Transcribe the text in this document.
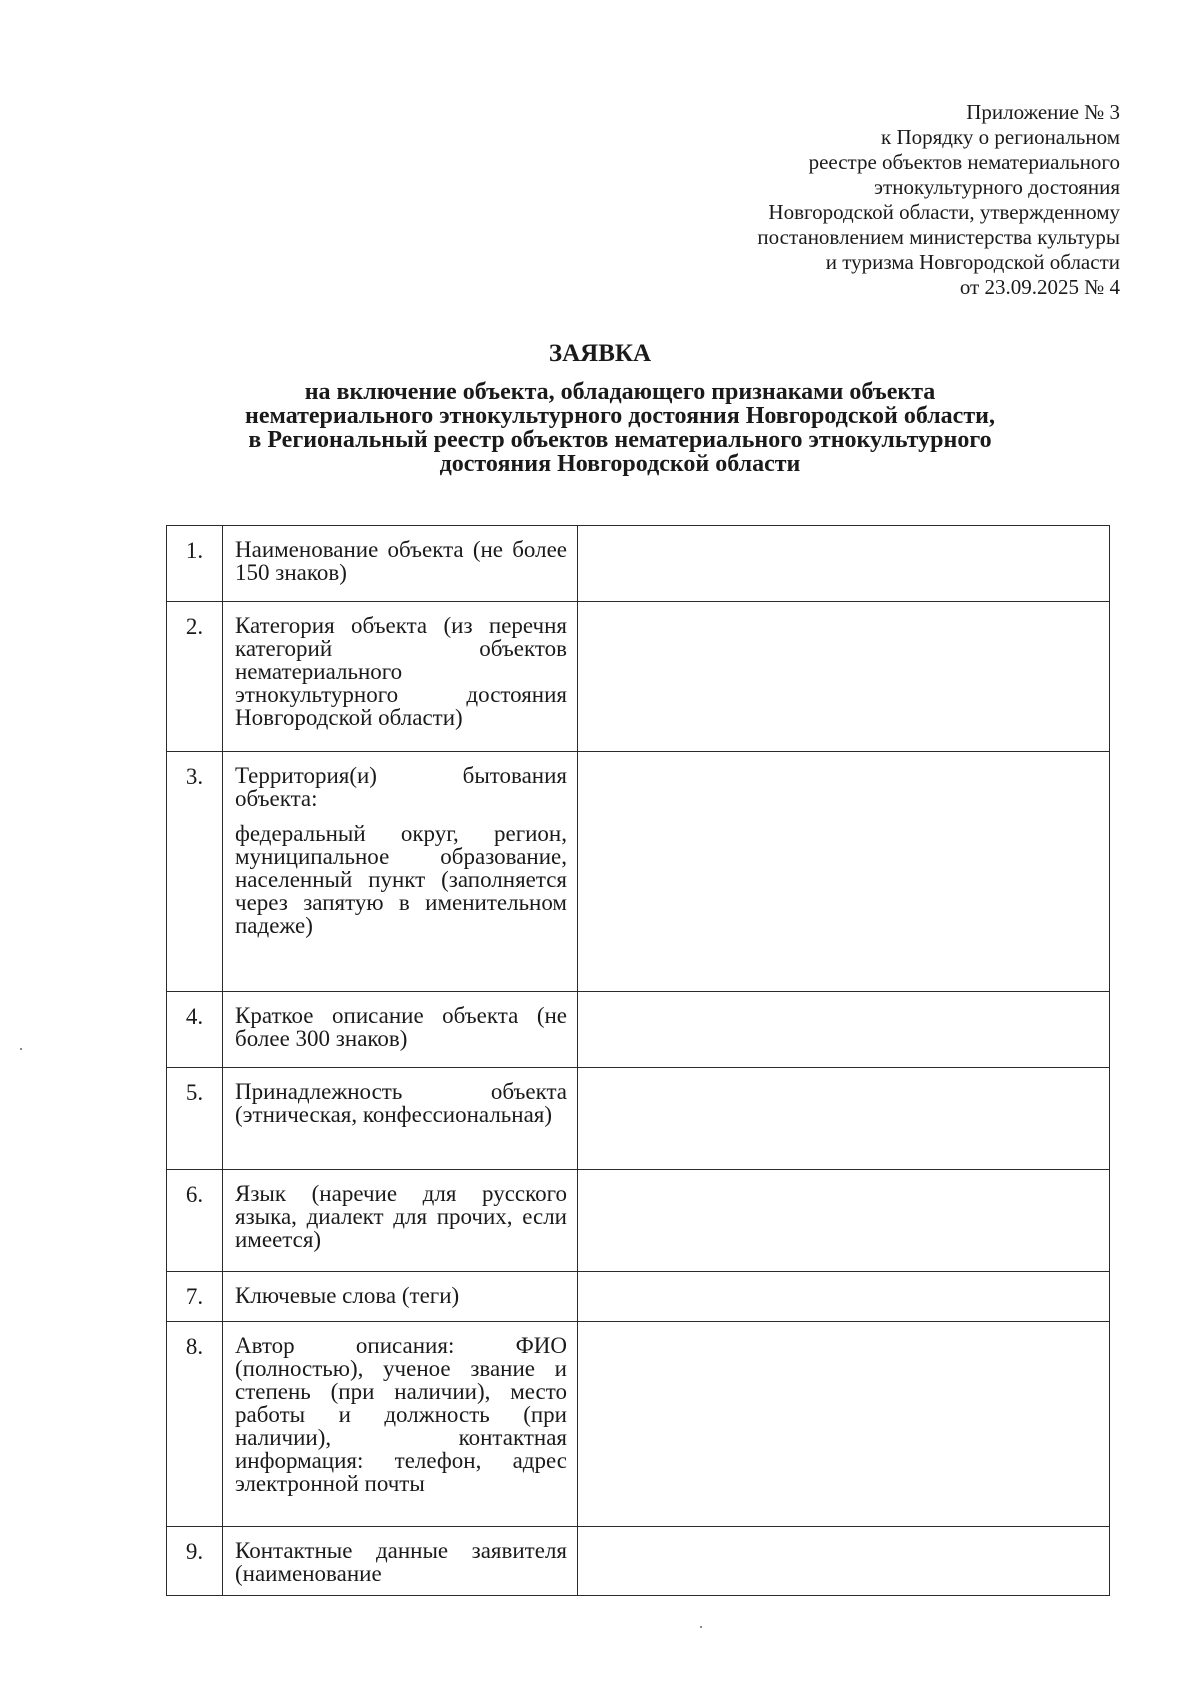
Приложение № 3
к Порядку о региональном
реестре объектов нематериального
этнокультурного достояния
Новгородской области, утвержденному
постановлением министерства культуры
и туризма Новгородской области
от 23.09.2025 № 4
ЗАЯВКА
на включение объекта, обладающего признаками объекта
нематериального этнокультурного достояния Новгородской области,
в Региональный реестр объектов нематериального этнокультурного
достояния Новгородской области
1.	Наименование объекта (не более 150 знаков)	

2.	Категория объекта (из перечня категорий объектов нематериального этнокультурного достояния Новгородской области)	

3.	Территория(и) бытования объекта:
федеральный округ, регион, муниципальное образование, населенный пункт (заполняется через запятую в именительном падеже)	

4.	Краткое описание объекта (не более 300 знаков)	

5.	Принадлежность объекта (этническая, конфессиональная)	

6.	Язык (наречие для русского языка, диалект для прочих, если имеется)	

7.	Ключевые слова (теги)	

8.	Автор описания: ФИО (полностью), ученое звание и степень (при наличии), место работы и должность (при наличии), контактная информация: телефон, адрес электронной почты	

9.	Контактные данные заявителя (наименование	
